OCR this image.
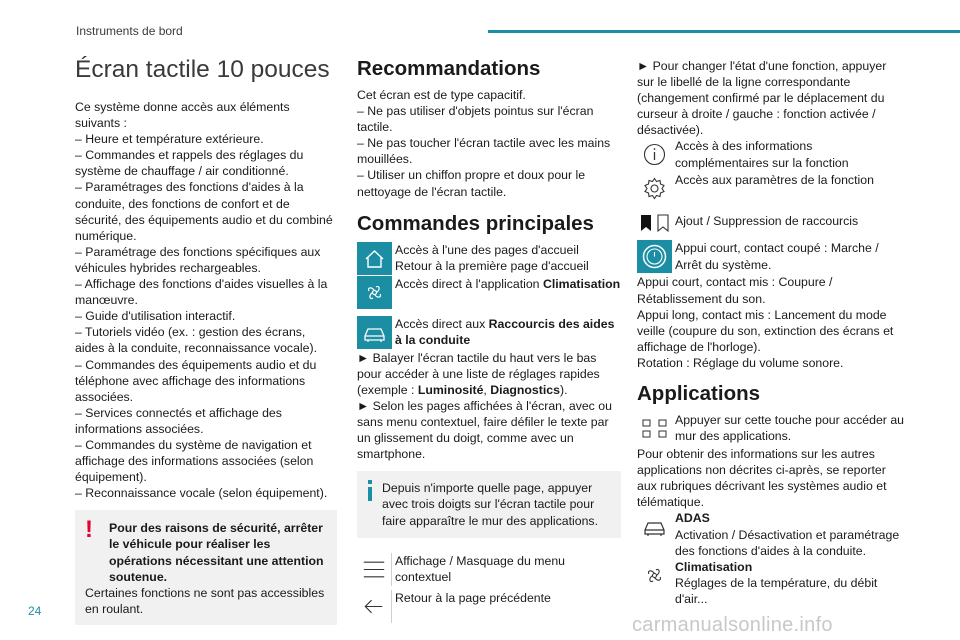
Instruments de bord
Écran tactile 10 pouces

Ce système donne accès aux éléments suivants :

– Heure et température extérieure.

– Commandes et rappels des réglages du système de chauffage / air conditionné.

– Paramétrages des fonctions d'aides à la conduite, des fonctions de confort et de sécurité, des équipements audio et du combiné numérique.

– Paramétrage des fonctions spécifiques aux véhicules hybrides rechargeables.

– Affichage des fonctions d'aides visuelles à la manœuvre.

– Guide d'utilisation interactif.

– Tutoriels vidéo (ex. : gestion des écrans, aides à la conduite, reconnaissance vocale).

– Commandes des équipements audio et du téléphone avec affichage des informations associées.

– Services connectés et affichage des informations associées.

– Commandes du système de navigation et affichage des informations associées (selon équipement).

– Reconnaissance vocale (selon équipement).

!	Pour des raisons de sécurité, arrêter le véhicule pour réaliser les opérations nécessitant une attention soutenue.

Certaines fonctions ne sont pas accessibles en roulant.

Recommandations

Cet écran est de type capacitif.

– Ne pas utiliser d'objets pointus sur l'écran tactile.

– Ne pas toucher l'écran tactile avec les mains mouillées.

– Utiliser un chiffon propre et doux pour le nettoyage de l'écran tactile.

Commandes principales

Accès à l'une des pages d'accueil

Retour à la première page d'accueil

Accès direct à l'application Climatisation

Accès direct aux Raccourcis des aides à la conduite

► Balayer l'écran tactile du haut vers le bas pour accéder à une liste de réglages rapides (exemple : Luminosité, Diagnostics).

► Selon les pages affichées à l'écran, avec ou sans menu contextuel, faire défiler le texte par un glissement du doigt, comme avec un smartphone.

Depuis n'importe quelle page, appuyer avec trois doigts sur l'écran tactile pour faire apparaître le mur des applications.

Affichage / Masquage du menu contextuel

Retour à la page précédente

► Pour changer l'état d'une fonction, appuyer sur le libellé de la ligne correspondante (changement confirmé par le déplacement du curseur à droite / gauche : fonction activée / désactivée).

Accès à des informations complémentaires sur la fonction

Accès aux paramètres de la fonction

Ajout / Suppression de raccourcis

Appui court, contact coupé : Marche / Arrêt du système.

Appui court, contact mis : Coupure / Rétablissement du son.

Appui long, contact mis : Lancement du mode veille (coupure du son, extinction des écrans et affichage de l'horloge).

Rotation : Réglage du volume sonore.

Applications

Appuyer sur cette touche pour accéder au mur des applications.

Pour obtenir des informations sur les autres applications non décrites ci-après, se reporter aux rubriques décrivant les systèmes audio et télématique.

ADAS

Activation / Désactivation et paramétrage des fonctions d'aides à la conduite.

Climatisation

Réglages de la température, du débit d'air...

24
carmanualsonline.info
